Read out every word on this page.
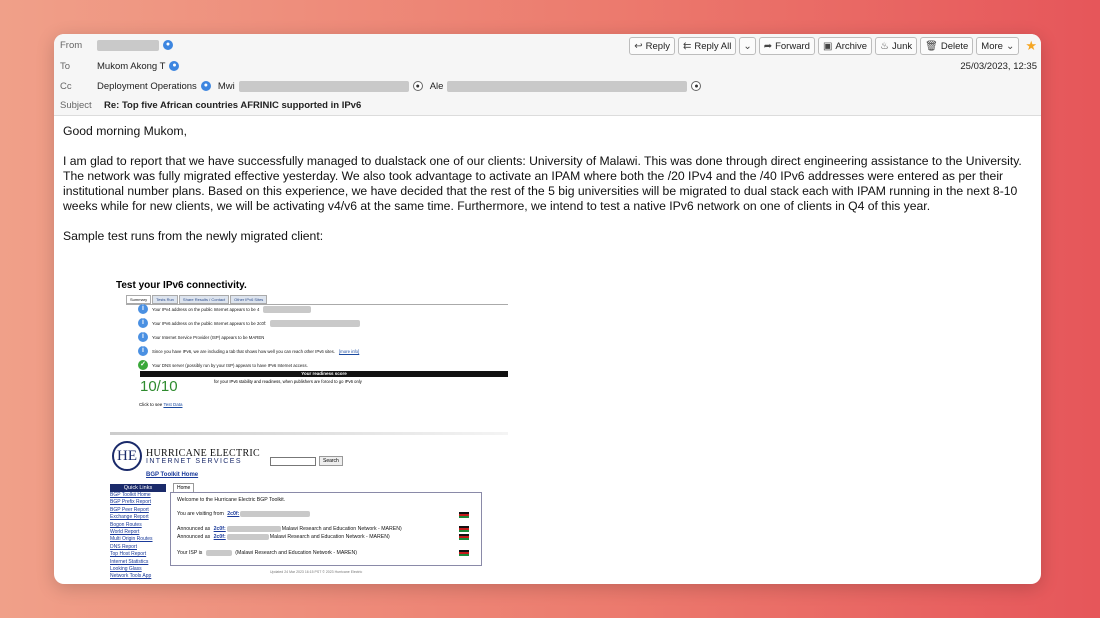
From	●	↩ Reply ⇇ Reply All ⌄ ➦ Forward ▣ Archive ♨ Junk 🗑 Delete More ⌄ ★
To	Mukom Akong T ●	25/03/2023, 12:35
Cc	Deployment Operations ●	Mwi	●	Ale	●
Subject Re: Top five African countries AFRINIC supported in IPv6

Good morning Mukom,

I am glad to report that we have successfully managed to dualstack one of our clients: University of Malawi. This was done through direct engineering assistance to the University. The network was fully migrated effective yesterday. We also took advantage to activate an IPAM where both the /20 IPv4 and the /40 IPv6 addresses were entered as per their institutional number plans. Based on this experience, we have decided that the rest of the 5 big universities will be migrated to dual stack each with IPAM running in the next 8-10 weeks while for new clients, we will be activating v4/v6 at the same time. Furthermore, we intend to test a native IPv6 network on one of clients in Q4 of this year.

Sample test runs from the newly migrated client:

Test your IPv6 connectivity.
Summary	Tests Run	Share Results / Contact	Other IPv6 Sites
i	Your IPv4 address on the public Internet appears to be 4
i	Your IPv6 address on the public Internet appears to be 2c0f:
i	Your Internet Service Provider (ISP) appears to be MAREN
i	Since you have IPv6, we are including a tab that shows how well you can reach other IPv6 sites. [more info]
✓	Your DNS server (possibly run by your ISP) appears to have IPv6 Internet access.
Your readiness score
10/10	for your IPv6 stability and readiness, when publishers are forced to go IPv6 only
Click to see Test Data
HE HURRICANE ELECTRIC
INTERNET SERVICES	Search
BGP Toolkit Home
Quick Links
BGP Toolkit Home
BGP Prefix Report
BGP Peer Report
Exchange Report
Bogon Routes
World Report
Multi Origin Routes
DNS Report
Top Host Report
Internet Statistics
Looking Glass
Network Tools App
Home
Welcome to the Hurricane Electric BGP Toolkit.
You are visiting from
2c0f:
Announced as
2c0f:	Malawi Research and Education Network - MAREN)
Announced as
2c0f:	Malawi Research and Education Network - MAREN)
Your ISP is

	(Malawi Research and Education Network - MAREN)
Updated 24 Mar 2023 16:15 PST © 2023 Hurricane Electric
